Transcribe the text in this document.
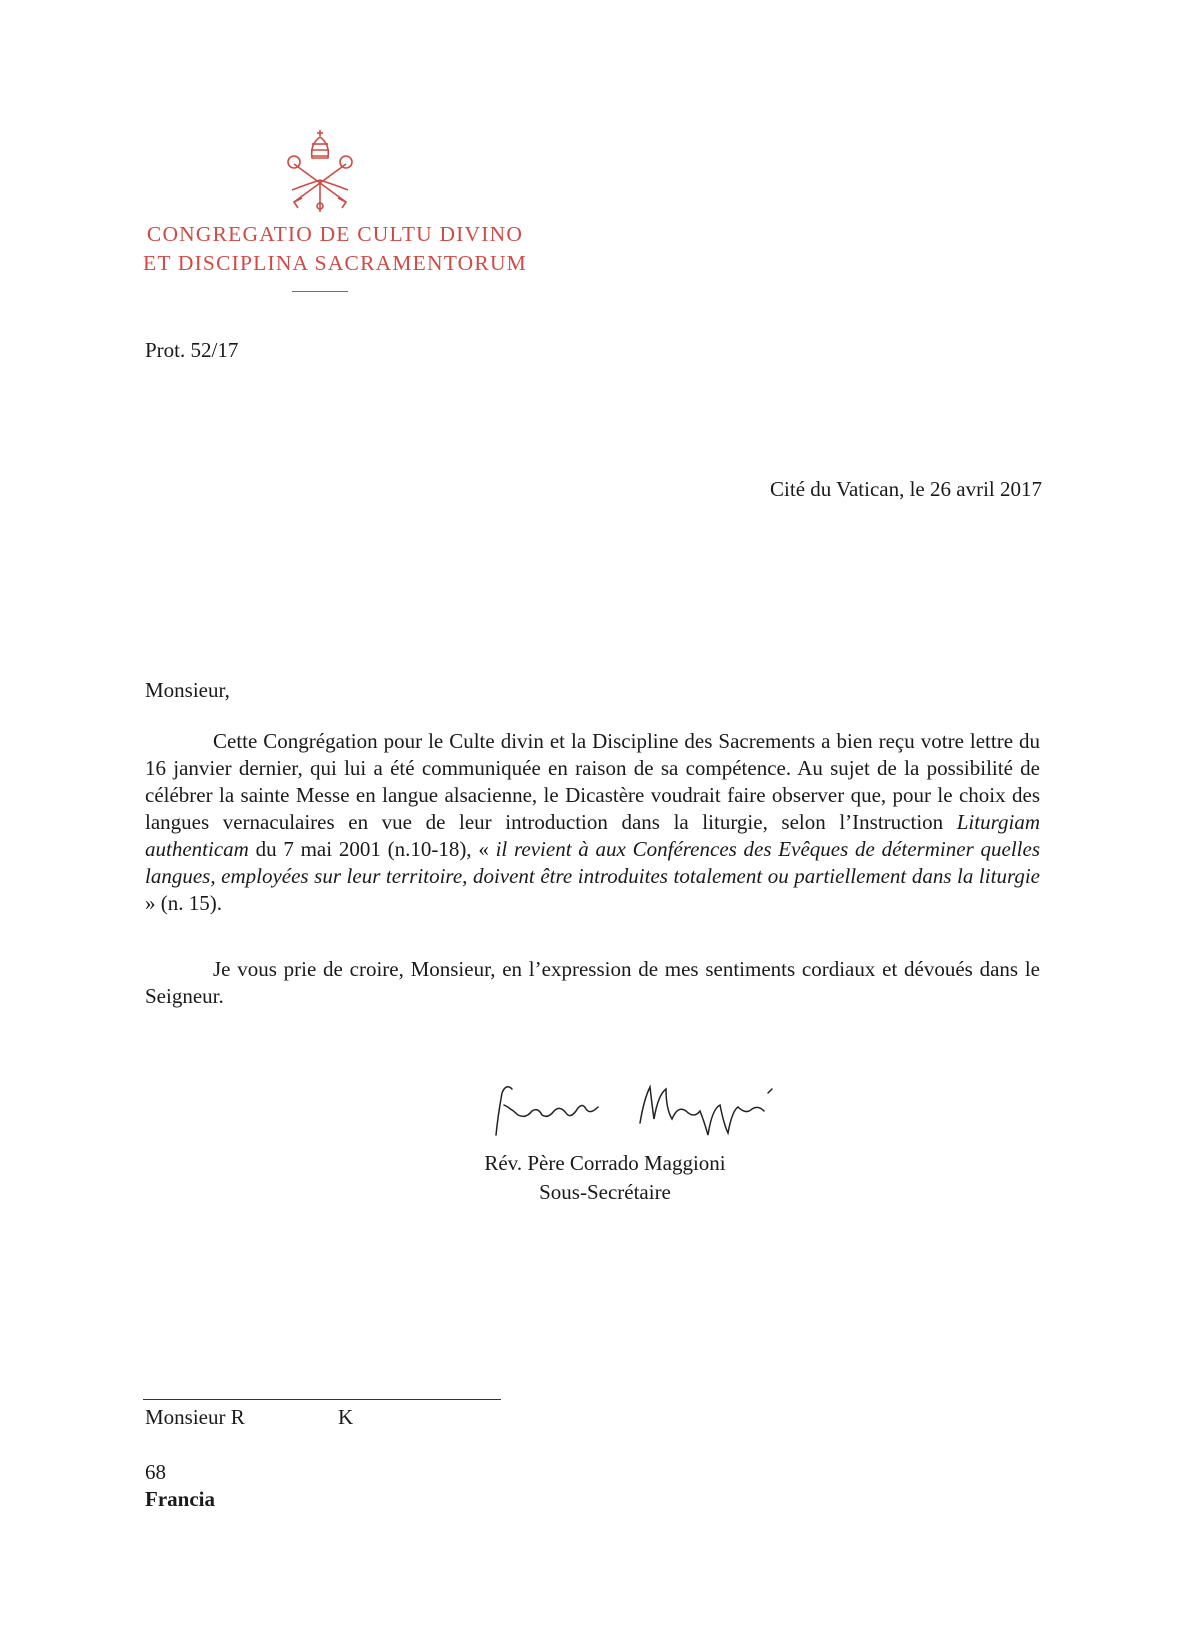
CONGREGATIO DE CULTU DIVINO
ET DISCIPLINA SACRAMENTORUM
Prot. 52/17
Cité du Vatican, le 26 avril 2017
Monsieur,
Cette Congrégation pour le Culte divin et la Discipline des Sacrements a bien reçu votre lettre du 16 janvier dernier, qui lui a été communiquée en raison de sa compétence. Au sujet de la possibilité de célébrer la sainte Messe en langue alsacienne, le Dicastère voudrait faire observer que, pour le choix des langues vernaculaires en vue de leur introduction dans la liturgie, selon l’Instruction Liturgiam authenticam du 7 mai 2001 (n.10-18), « il revient à aux Conférences des Evêques de déterminer quelles langues, employées sur leur territoire, doivent être introduites totalement ou partiellement dans la liturgie » (n. 15).
Je vous prie de croire, Monsieur, en l’expression de mes sentiments cordiaux et dévoués dans le Seigneur.
Rév. Père Corrado Maggioni
Sous-Secrétaire
Monsieur R	K
68
Francia
